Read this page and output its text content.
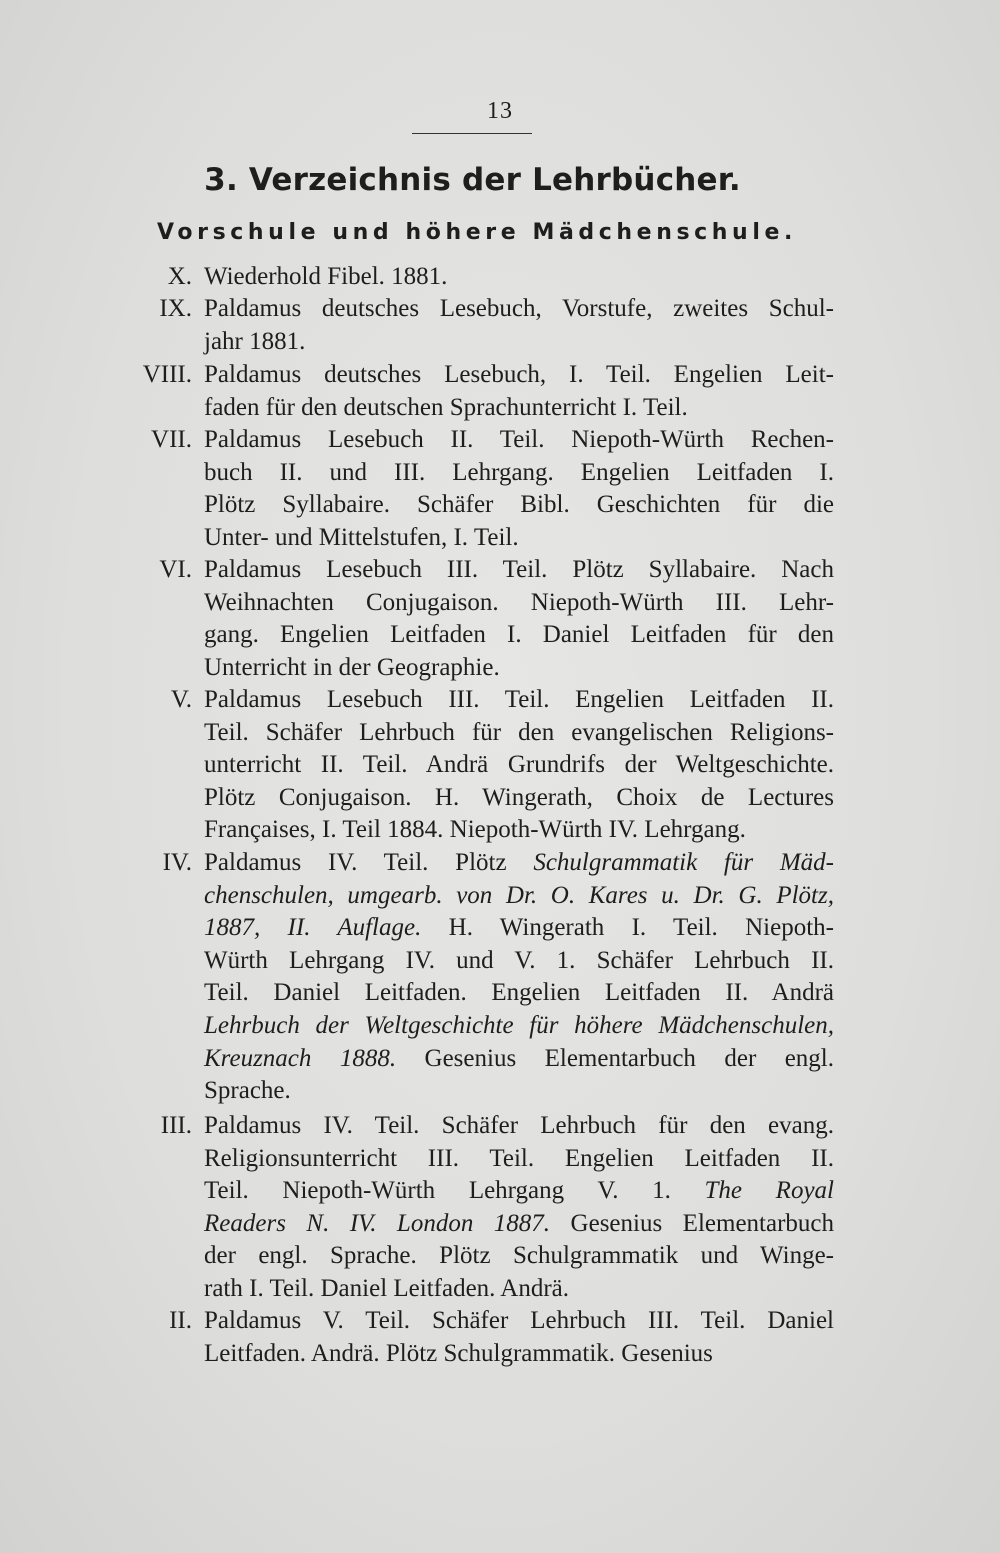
13
3. Verzeichnis der Lehrbücher.
Vorschule und höhere Mädchenschule.
X. Wiederhold Fibel. 1881.
IX. Paldamus deutsches Lesebuch, Vorstufe, zweites Schul-
jahr 1881.
VIII. Paldamus deutsches Lesebuch, I. Teil. Engelien Leit-
faden für den deutschen Sprachunterricht I. Teil.
VII. Paldamus Lesebuch II. Teil. Niepoth-Würth Rechen-
buch II. und III. Lehrgang. Engelien Leitfaden I.
Plötz Syllabaire. Schäfer Bibl. Geschichten für die
Unter- und Mittelstufen, I. Teil.
VI. Paldamus Lesebuch III. Teil. Plötz Syllabaire. Nach
Weihnachten Conjugaison. Niepoth-Würth III. Lehr-
gang. Engelien Leitfaden I. Daniel Leitfaden für den
Unterricht in der Geographie.
V. Paldamus Lesebuch III. Teil. Engelien Leitfaden II.
Teil. Schäfer Lehrbuch für den evangelischen Religions-
unterricht II. Teil. Andrä Grundrifs der Weltgeschichte.
Plötz Conjugaison. H. Wingerath, Choix de Lectures
Françaises, I. Teil 1884. Niepoth-Würth IV. Lehrgang.
IV. Paldamus IV. Teil. Plötz Schulgrammatik für Mäd-
chenschulen, umgearb. von Dr. O. Kares u. Dr. G. Plötz,
1887, II. Auflage. H. Wingerath I. Teil. Niepoth-
Würth Lehrgang IV. und V. 1. Schäfer Lehrbuch II.
Teil. Daniel Leitfaden. Engelien Leitfaden II. Andrä
Lehrbuch der Weltgeschichte für höhere Mädchenschulen,
Kreuznach 1888. Gesenius Elementarbuch der engl.
Sprache.
III. Paldamus IV. Teil. Schäfer Lehrbuch für den evang.
Religionsunterricht III. Teil. Engelien Leitfaden II.
Teil. Niepoth-Würth Lehrgang V. 1. The Royal
Readers N. IV. London 1887. Gesenius Elementarbuch
der engl. Sprache. Plötz Schulgrammatik und Winge-
rath I. Teil. Daniel Leitfaden. Andrä.
II. Paldamus V. Teil. Schäfer Lehrbuch III. Teil. Daniel
Leitfaden. Andrä. Plötz Schulgrammatik. Gesenius
